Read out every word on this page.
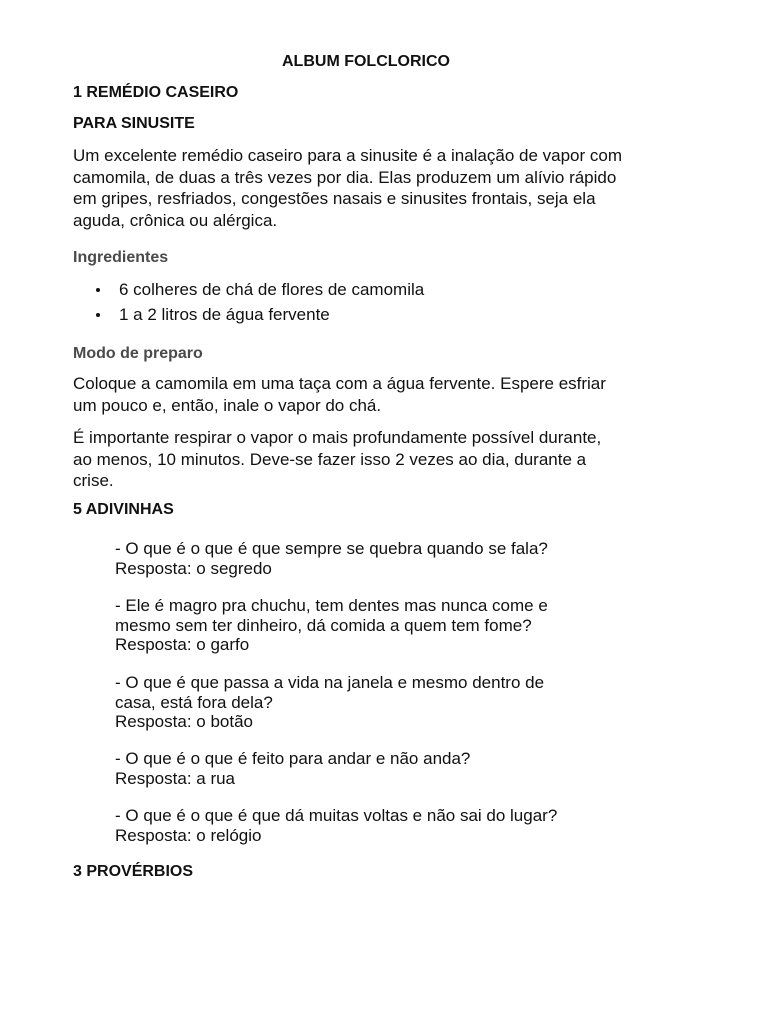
ALBUM FOLCLORICO
1 REMÉDIO CASEIRO
PARA SINUSITE
Um excelente remédio caseiro para a sinusite é a inalação de vapor com
camomila, de duas a três vezes por dia. Elas produzem um alívio rápido
em gripes, resfriados, congestões nasais e sinusites frontais, seja ela
aguda, crônica ou alérgica.
Ingredientes
6 colheres de chá de flores de camomila
1 a 2 litros de água fervente
Modo de preparo
Coloque a camomila em uma taça com a água fervente. Espere esfriar
um pouco e, então, inale o vapor do chá.
É importante respirar o vapor o mais profundamente possível durante,
ao menos, 10 minutos. Deve-se fazer isso 2 vezes ao dia, durante a
crise.
5 ADIVINHAS
- O que é o que é que sempre se quebra quando se fala?
Resposta: o segredo
- Ele é magro pra chuchu, tem dentes mas nunca come e
mesmo sem ter dinheiro, dá comida a quem tem fome?
Resposta: o garfo
- O que é que passa a vida na janela e mesmo dentro de
casa, está fora dela?
Resposta: o botão
- O que é o que é feito para andar e não anda?
Resposta: a rua
- O que é o que é que dá muitas voltas e não sai do lugar?
Resposta: o relógio
3 PROVÉRBIOS
